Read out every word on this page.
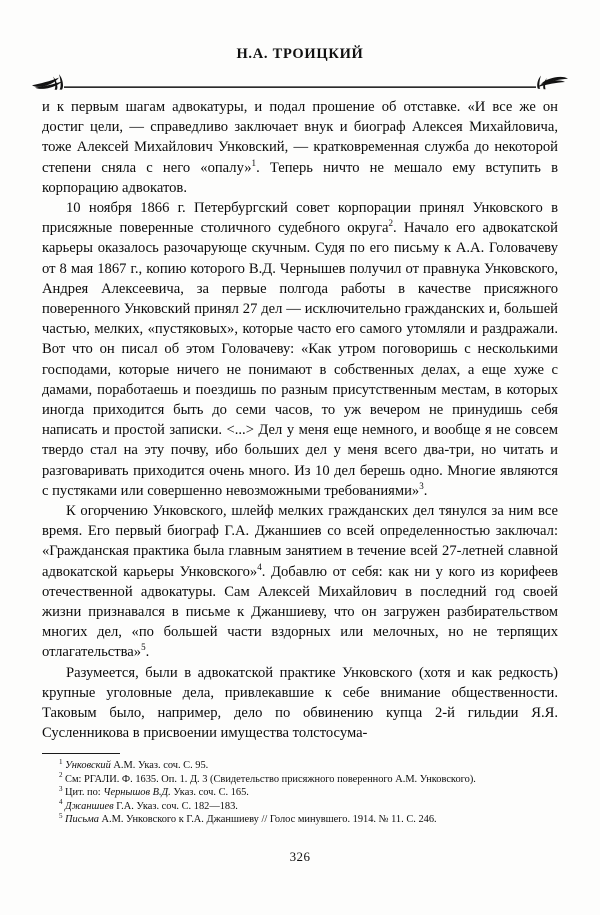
Н.А. ТРОИЦКИЙ

и к первым шагам адвокатуры, и подал прошение об отставке. «И все же он достиг цели, — справедливо заключает внук и биограф Алексея Михайловича, тоже Алексей Михайлович Унковский, — кратковременная служба до некоторой степени сняла с него «опалу»$^1$. Теперь ничто не мешало ему вступить в корпорацию адвокатов.

10 ноября 1866 г. Петербургский совет корпорации принял Унковского в присяжные поверенные столичного судебного округа$^2$. Начало его адвокатской карьеры оказалось разочарующе скучным. Судя по его письму к А.А. Головачеву от 8 мая 1867 г., копию которого В.Д. Чернышев получил от правнука Унковского, Андрея Алексеевича, за первые полгода работы в качестве присяжного поверенного Унковский принял 27 дел — исключительно гражданских и, большей частью, мелких, «пустяковых», которые часто его самого утомляли и раздражали. Вот что он писал об этом Головачеву: «Как утром поговоришь с несколькими господами, которые ничего не понимают в собственных делах, а еще хуже с дамами, поработаешь и поездишь по разным присутственным местам, в которых иногда приходится быть до семи часов, то уж вечером не принудишь себя написать и простой записки. <...> Дел у меня еще немного, и вообще я не совсем твердо стал на эту почву, ибо больших дел у меня всего два-три, но читать и разговаривать приходится очень много. Из 10 дел берешь одно. Многие являются с пустяками или совершенно невозможными требованиями»$^3$.

К огорчению Унковского, шлейф мелких гражданских дел тянулся за ним все время. Его первый биограф Г.А. Джаншиев со всей определенностью заключал: «Гражданская практика была главным занятием в течение всей 27-летней славной адвокатской карьеры Унковского»$^4$. Добавлю от себя: как ни у кого из корифеев отечественной адвокатуры. Сам Алексей Михайлович в последний год своей жизни признавался в письме к Джаншиеву, что он загружен разбирательством многих дел, «по большей части вздорных или мелочных, но не терпящих отлагательства»$^5$.

Разумеется, были в адвокатской практике Унковского (хотя и как редкость) крупные уголовные дела, привлекавшие к себе внимание общественности. Таковым было, например, дело по обвинению купца 2-й гильдии Я.Я. Сусленникова в присвоении имущества толстосума-

$^1$ Унковский А.М. Указ. соч. С. 95.

$^2$ См: РГАЛИ. Ф. 1635. Оп. 1. Д. 3 (Свидетельство присяжного поверенного А.М. Унковского).

$^3$ Цит. по: Чернышов В.Д. Указ. соч. С. 165.

$^4$ Джаншиев Г.А. Указ. соч. С. 182—183.

$^5$ Письма А.М. Унковского к Г.А. Джаншиеву // Голос минувшего. 1914. № 11. С. 246.

326
